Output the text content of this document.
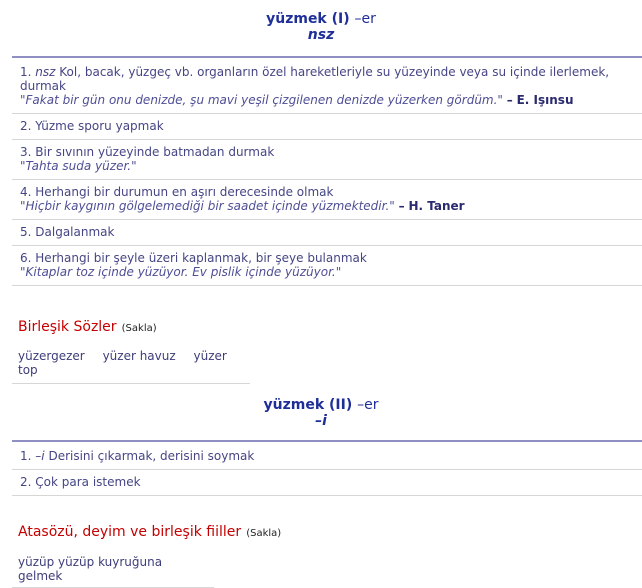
yüzmek (I) –er
nsz
1. nsz Kol, bacak, yüzgeç vb. organların özel hareketleriyle su yüzeyinde veya su içinde ilerlemek, durmak
"Fakat bir gün onu denizde, şu mavi yeşil çizgilenen denizde yüzerken gördüm." – E. Işınsu
2. Yüzme sporu yapmak
3. Bir sıvının yüzeyinde batmadan durmak
"Tahta suda yüzer."
4. Herhangi bir durumun en aşırı derecesinde olmak
"Hiçbir kaygının gölgelemediği bir saadet içinde yüzmektedir." – H. Taner
5. Dalgalanmak
6. Herhangi bir şeyle üzeri kaplanmak, bir şeye bulanmak
"Kitaplar toz içinde yüzüyor. Ev pislik içinde yüzüyor."
Birleşik Sözler (Sakla)
yüzergezer yüzer havuz yüzer top
yüzmek (II) –er
–i
1. –i Derisini çıkarmak, derisini soymak
2. Çok para istemek
Atasözü, deyim ve birleşik fiiller (Sakla)
yüzüp yüzüp kuyruğuna gelmek
